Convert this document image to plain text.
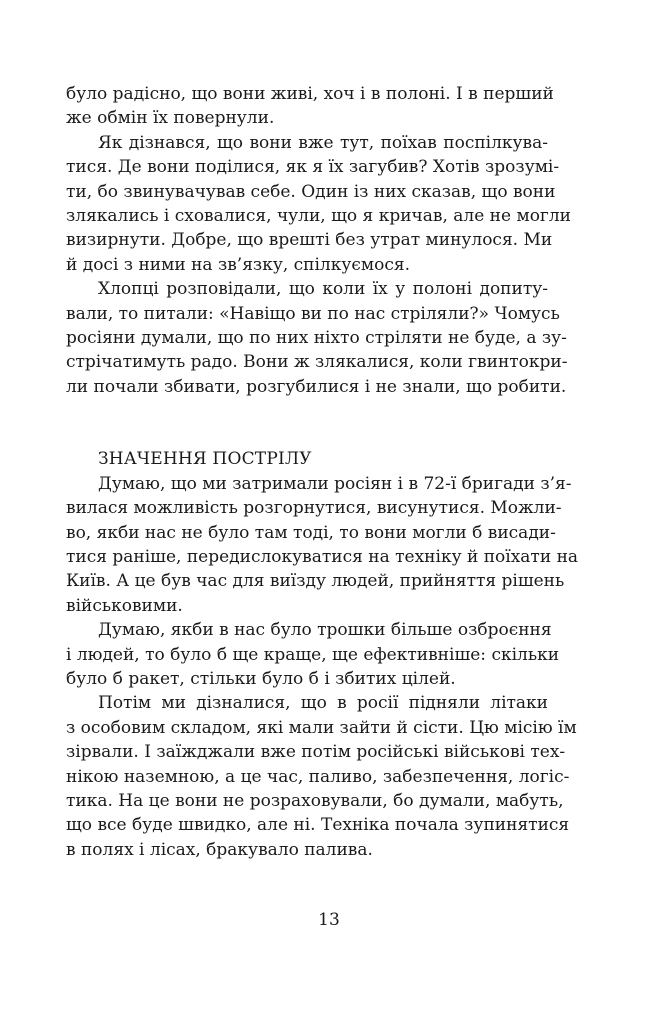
було радісно, що вони живі, хоч і в полоні. І в перший
же обмін їх повернули.
Як дізнався, що вони вже тут, поїхав поспілкува-
тися. Де вони поділися, як я їх загубив? Хотів зрозумі-
ти, бо звинувачував себе. Один із них сказав, що вони
злякались і сховалися, чули, що я кричав, але не могли
визирнути. Добре, що врешті без утрат минулося. Ми
й досі з ними на зв’язку, спілкуємося.
Хлопці розповідали, що коли їх у полоні допиту-
вали, то питали: «Навіщо ви по нас стріляли?» Чомусь
росіяни думали, що по них ніхто стріляти не буде, а зу-
стрічатимуть радо. Вони ж злякалися, коли гвинтокри-
ли почали збивати, розгубилися і не знали, що робити.
ЗНАЧЕННЯ ПОСТРІЛУ
Думаю, що ми затримали росіян і в 72-ї бригади з’я-
вилася можливість розгорнутися, висунутися. Можли-
во, якби нас не було там тоді, то вони могли б висади-
тися раніше, передислокуватися на техніку й поїхати на
Київ. А це був час для виїзду людей, прийняття рішень
військовими.
Думаю, якби в нас було трошки більше озброєння
і людей, то було б ще краще, ще ефективніше: скільки
було б ракет, стільки було б і збитих цілей.
Потім ми дізналися, що в росії підняли літаки
з особовим складом, які мали зайти й сісти. Цю місію їм
зірвали. І заїжджали вже потім російські військові тех-
нікою наземною, а це час, паливо, забезпечення, логіс-
тика. На це вони не розраховували, бо думали, мабуть,
що все буде швидко, але ні. Техніка почала зупинятися
в полях і лісах, бракувало палива.
13
